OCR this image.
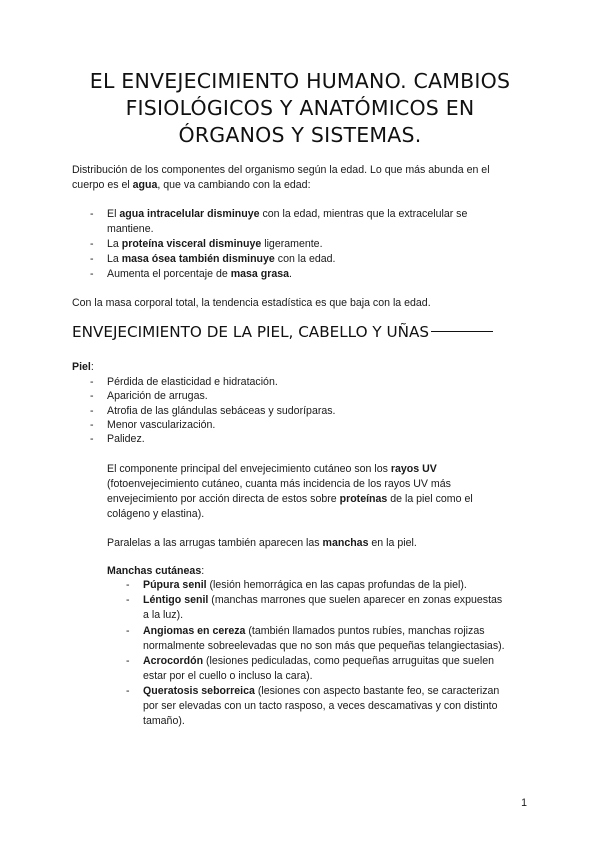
EL ENVEJECIMIENTO HUMANO. CAMBIOS
FISIOLÓGICOS Y ANATÓMICOS EN
ÓRGANOS Y SISTEMAS.
Distribución de los componentes del organismo según la edad. Lo que más abunda en el
cuerpo es el agua, que va cambiando con la edad:
- El agua intracelular disminuye con la edad, mientras que la extracelular se
mantiene.
- La proteína visceral disminuye ligeramente.
- La masa ósea también disminuye con la edad.
- Aumenta el porcentaje de masa grasa.
Con la masa corporal total, la tendencia estadística es que baja con la edad.
ENVEJECIMIENTO DE LA PIEL, CABELLO Y UÑAS
Piel:
- Pérdida de elasticidad e hidratación.
- Aparición de arrugas.
- Atrofia de las glándulas sebáceas y sudoríparas.
- Menor vascularización.
- Palidez.
El componente principal del envejecimiento cutáneo son los rayos UV
(fotoenvejecimiento cutáneo, cuanta más incidencia de los rayos UV más
envejecimiento por acción directa de estos sobre proteínas de la piel como el
colágeno y elastina).
Paralelas a las arrugas también aparecen las manchas en la piel.
Manchas cutáneas:
- Púpura senil (lesión hemorrágica en las capas profundas de la piel).
- Léntigo senil (manchas marrones que suelen aparecer en zonas expuestas
a la luz).
- Angiomas en cereza (también llamados puntos rubíes, manchas rojizas
normalmente sobreelevadas que no son más que pequeñas telangiectasias).
- Acrocordón (lesiones pediculadas, como pequeñas arruguitas que suelen
estar por el cuello o incluso la cara).
- Queratosis seborreica (lesiones con aspecto bastante feo, se caracterizan
por ser elevadas con un tacto rasposo, a veces descamativas y con distinto
tamaño).
1
